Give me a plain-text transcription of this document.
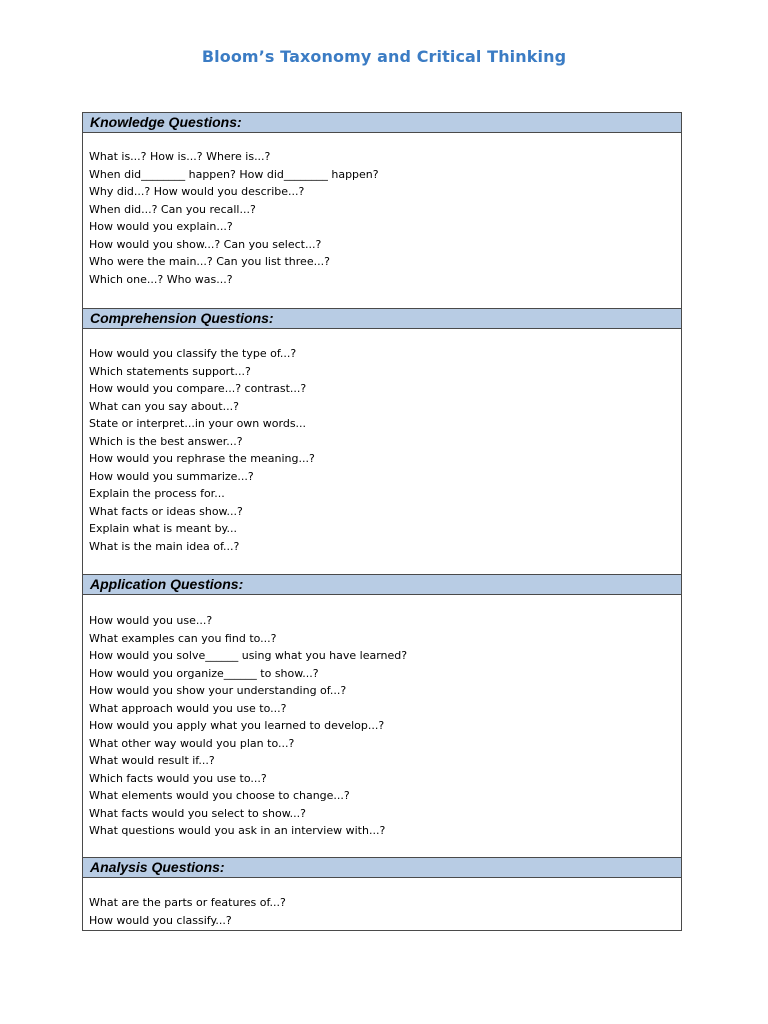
Bloom’s Taxonomy and Critical Thinking
Knowledge Questions:
What is...? How is...? Where is...?
When did________ happen? How did________ happen?
Why did...? How would you describe...?
When did...? Can you recall...?
How would you explain...?
How would you show...? Can you select...?
Who were the main...? Can you list three...?
Which one...? Who was...?
Comprehension Questions:
How would you classify the type of...?
Which statements support...?
How would you compare...? contrast...?
What can you say about...?
State or interpret...in your own words...
Which is the best answer...?
How would you rephrase the meaning...?
How would you summarize...?
Explain the process for...
What facts or ideas show...?
Explain what is meant by...
What is the main idea of...?
Application Questions:
How would you use...?
What examples can you find to...?
How would you solve______ using what you have learned?
How would you organize______ to show...?
How would you show your understanding of...?
What approach would you use to...?
How would you apply what you learned to develop...?
What other way would you plan to...?
What would result if...?
Which facts would you use to...?
What elements would you choose to change...?
What facts would you select to show...?
What questions would you ask in an interview with...?
Analysis Questions:
What are the parts or features of...?
How would you classify...?
